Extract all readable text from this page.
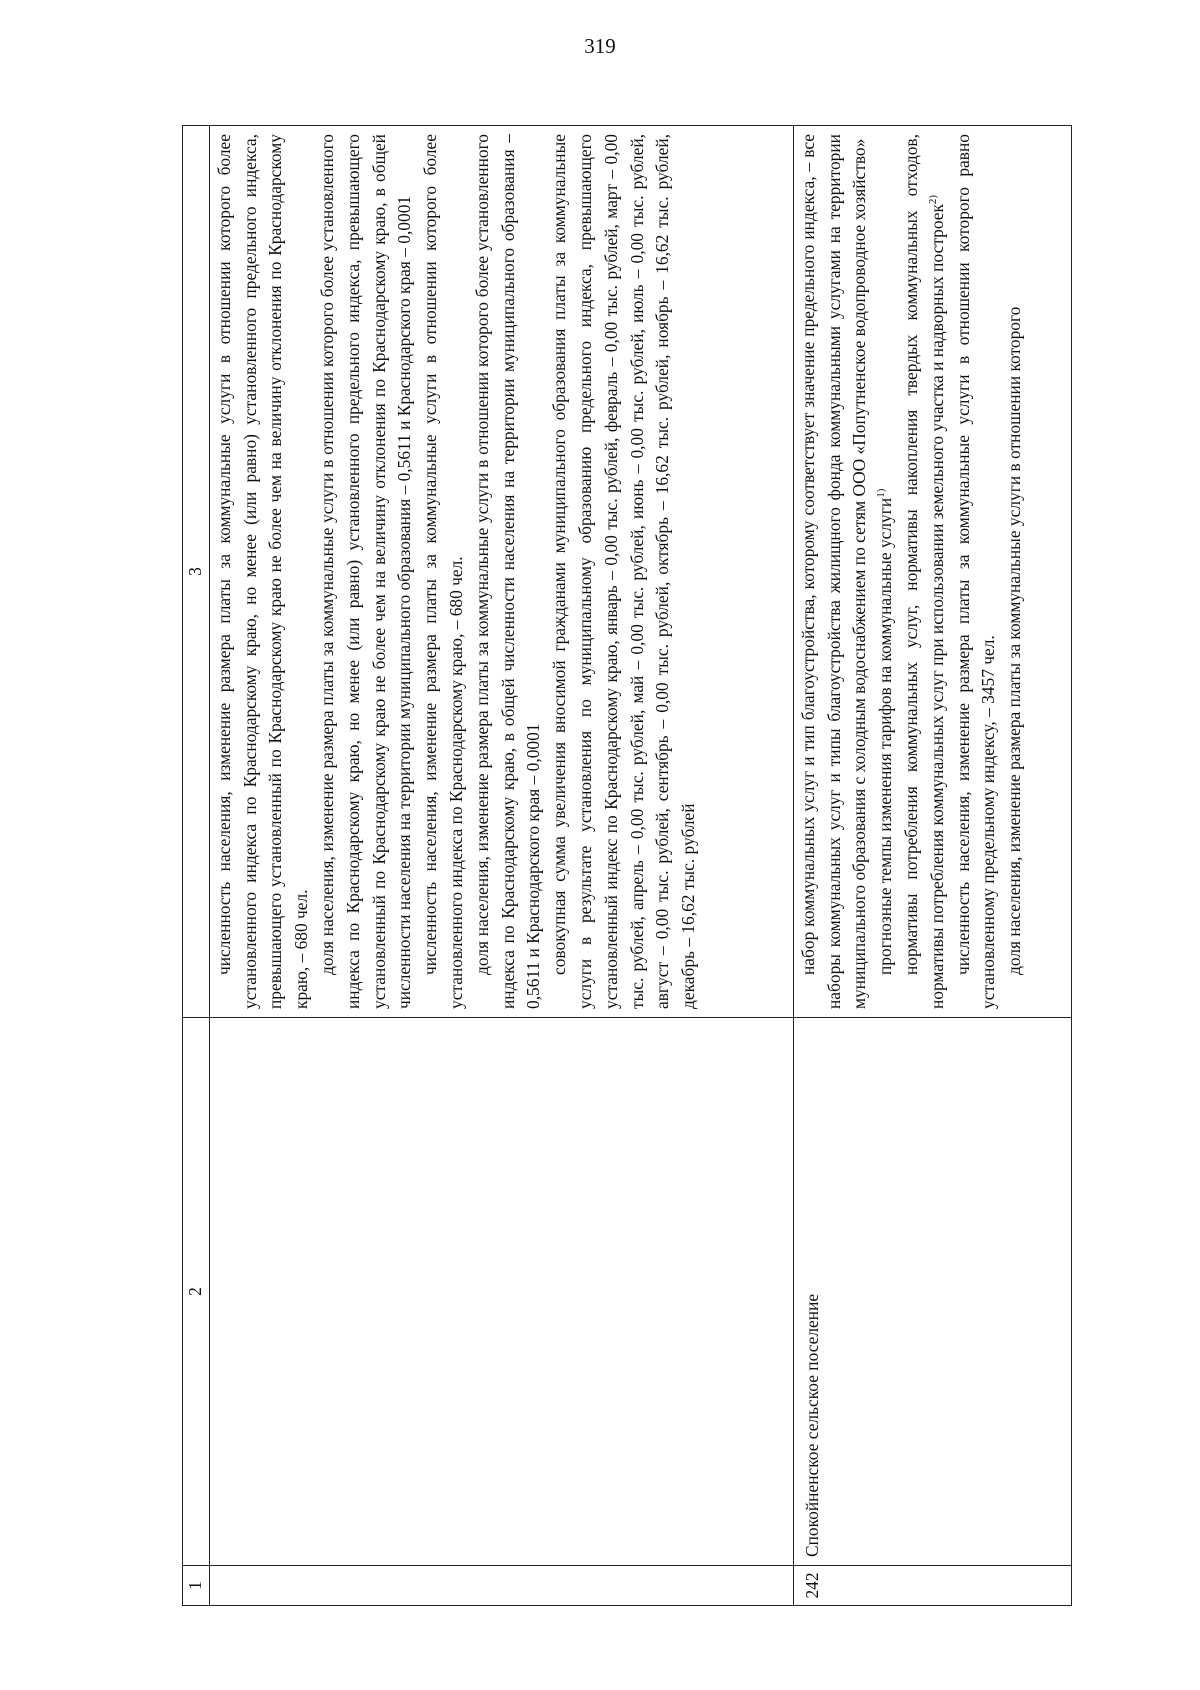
319
1	2	3

		численность населения, изменение размера платы за коммунальные услуги в отношении которого более установленного индекса по Краснодарскому краю, но менее (или равно) установленного предельного индекса, превышающего установленный по Краснодарскому краю не более чем на величину отклонения по Краснодарскому краю, – 680 чел. доля населения, изменение размера платы за коммунальные услуги в отношении которого более установленного индекса по Краснодарскому краю, но менее (или равно) установленного предельного индекса, превышающего установленный по Краснодарскому краю не более чем на величину отклонения по Краснодарскому краю, в общей численности населения на территории муниципального образования – 0,5611 и Краснодарского края – 0,0001 численность населения, изменение размера платы за коммунальные услуги в отношении которого более установленного индекса по Краснодарскому краю, – 680 чел. доля населения, изменение размера платы за коммунальные услуги в отношении которого более установленного индекса по Краснодарскому краю, в общей численности населения на территории муниципального образования – 0,5611 и Краснодарского края – 0,0001 совокупная сумма увеличения вносимой гражданами муниципального образования платы за коммунальные услуги в результате установления по муниципальному образованию предельного индекса, превышающего установленный индекс по Краснодарскому краю, январь – 0,00 тыс. рублей, февраль – 0,00 тыс. рублей, март – 0,00 тыс. рублей, апрель – 0,00 тыс. рублей, май – 0,00 тыс. рублей, июнь – 0,00 тыс. рублей, июль – 0,00 тыс. рублей, август – 0,00 тыс. рублей, сентябрь – 0,00 тыс. рублей, октябрь – 16,62 тыс. рублей, ноябрь – 16,62 тыс. рублей, декабрь – 16,62 тыс. рублей

242	Спокойненское сельское поселение	набор коммунальных услуг и тип благоустройства, которому соответствует значение предельного индекса, – все наборы коммунальных услуг и типы благоустройства жилищного фонда коммунальными услугами на территории муниципального образования с холодным водоснабжением по сетям ООО «Попутненское водопроводное хозяйство» прогнозные темпы изменения тарифов на коммунальные услуги$^{1)}$ нормативы потребления коммунальных услуг, нормативы накопления твердых коммунальных отходов, нормативы потребления коммунальных услуг при использовании земельного участка и надворных построек$^{2)}$ численность населения, изменение размера платы за коммунальные услуги в отношении которого равно установленному предельному индексу, – 3457 чел. доля населения, изменение размера платы за коммунальные услуги в отношении которого
